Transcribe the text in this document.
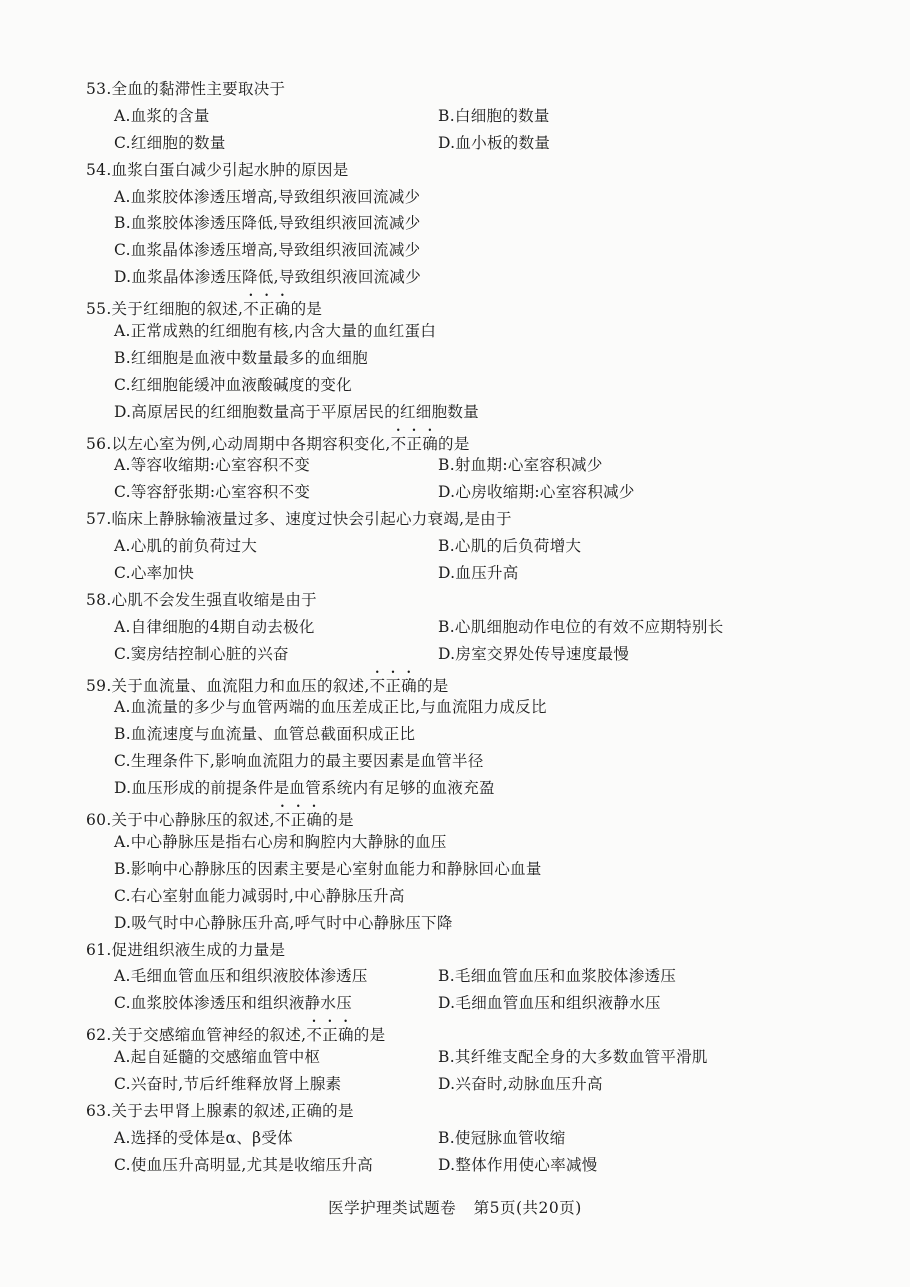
53.全血的黏滞性主要取决于
A.血浆的含量	B.白细胞的数量
C.红细胞的数量	D.血小板的数量
54.血浆白蛋白减少引起水肿的原因是
A.血浆胶体渗透压增高,导致组织液回流减少
B.血浆胶体渗透压降低,导致组织液回流减少
C.血浆晶体渗透压增高,导致组织液回流减少
D.血浆晶体渗透压降低,导致组织液回流减少
55.关于红细胞的叙述,不正确的是
A.正常成熟的红细胞有核,内含大量的血红蛋白
B.红细胞是血液中数量最多的血细胞
C.红细胞能缓冲血液酸碱度的变化
D.高原居民的红细胞数量高于平原居民的红细胞数量
56.以左心室为例,心动周期中各期容积变化,不正确的是
A.等容收缩期:心室容积不变	B.射血期:心室容积减少
C.等容舒张期:心室容积不变	D.心房收缩期:心室容积减少
57.临床上静脉输液量过多、速度过快会引起心力衰竭,是由于
A.心肌的前负荷过大	B.心肌的后负荷增大
C.心率加快	D.血压升高
58.心肌不会发生强直收缩是由于
A.自律细胞的4期自动去极化	B.心肌细胞动作电位的有效不应期特别长
C.窦房结控制心脏的兴奋	D.房室交界处传导速度最慢
59.关于血流量、血流阻力和血压的叙述,不正确的是
A.血流量的多少与血管两端的血压差成正比,与血流阻力成反比
B.血流速度与血流量、血管总截面积成正比
C.生理条件下,影响血流阻力的最主要因素是血管半径
D.血压形成的前提条件是血管系统内有足够的血液充盈
60.关于中心静脉压的叙述,不正确的是
A.中心静脉压是指右心房和胸腔内大静脉的血压
B.影响中心静脉压的因素主要是心室射血能力和静脉回心血量
C.右心室射血能力减弱时,中心静脉压升高
D.吸气时中心静脉压升高,呼气时中心静脉压下降
61.促进组织液生成的力量是
A.毛细血管血压和组织液胶体渗透压	B.毛细血管血压和血浆胶体渗透压
C.血浆胶体渗透压和组织液静水压	D.毛细血管血压和组织液静水压
62.关于交感缩血管神经的叙述,不正确的是
A.起自延髓的交感缩血管中枢	B.其纤维支配全身的大多数血管平滑肌
C.兴奋时,节后纤维释放肾上腺素	D.兴奋时,动脉血压升高
63.关于去甲肾上腺素的叙述,正确的是
A.选择的受体是α、β受体	B.使冠脉血管收缩
C.使血压升高明显,尤其是收缩压升高	D.整体作用使心率减慢
医学护理类试题卷 第5页(共20页)
